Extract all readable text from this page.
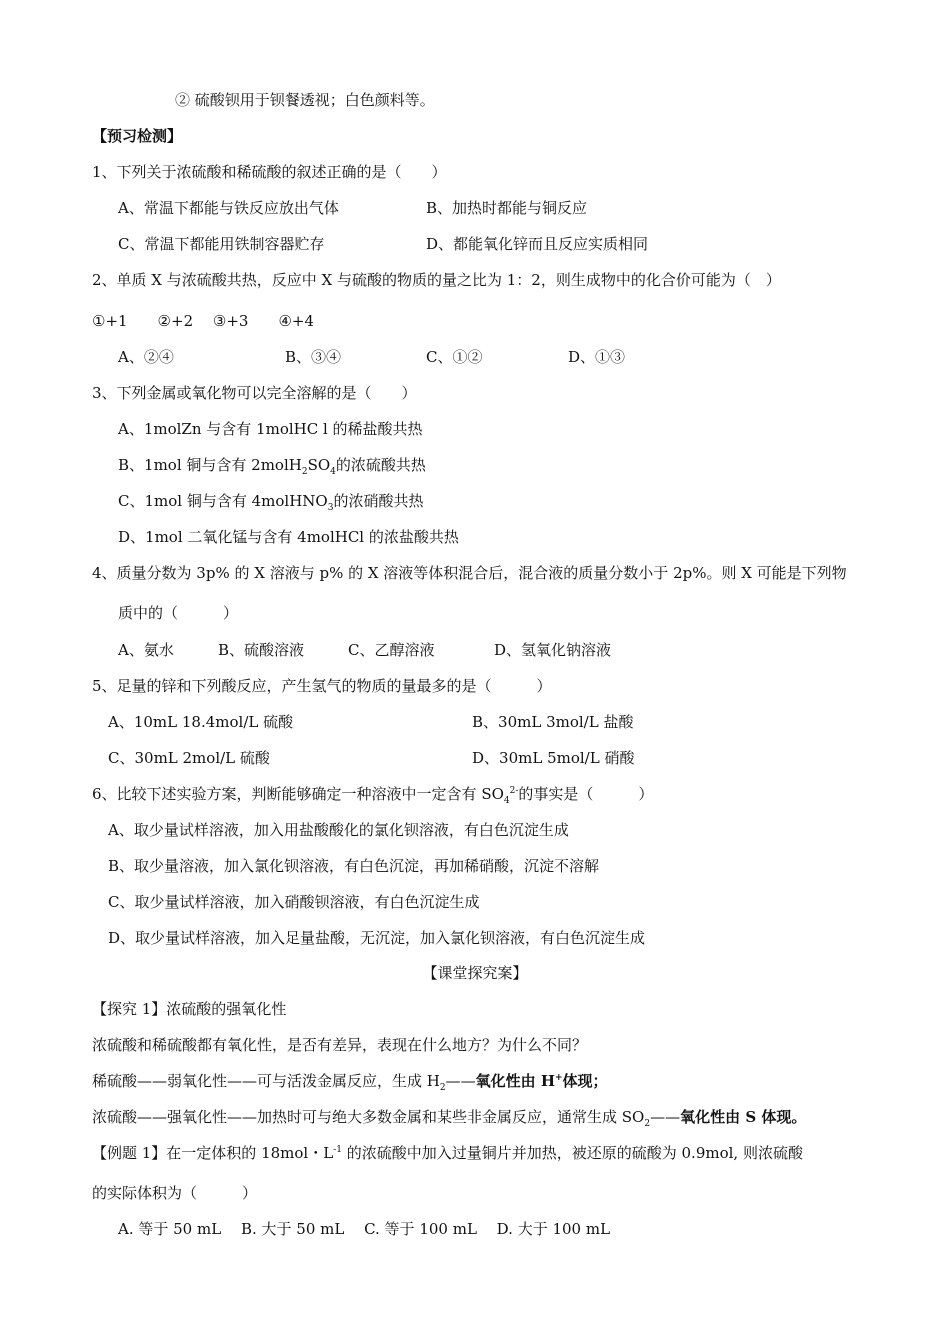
② 硫酸钡用于钡餐透视；白色颜料等。
【预习检测】
1、下列关于浓硫酸和稀硫酸的叙述正确的是（　　）
A、常温下都能与铁反应放出气体	B、加热时都能与铜反应
C、常温下都能用铁制容器贮存	D、都能氧化锌而且反应实质相同
2、单质 X 与浓硫酸共热，反应中 X 与硫酸的物质的量之比为 1：2，则生成物中的化合价可能为（　）
①+1　　②+2　 ③+3　　④+4
A、②④	B、③④	C、①②	D、①③
3、下列金属或氧化物可以完全溶解的是（　　）
A、1molZn 与含有 1molHC l 的稀盐酸共热
B、1mol 铜与含有 $2molH_2SO_4$的浓硫酸共热
C、1mol 铜与含有 4molHNO$_3$的浓硝酸共热
D、1mol 二氧化锰与含有 4molHCl 的浓盐酸共热
4、质量分数为 3p% 的 X 溶液与 p% 的 X 溶液等体积混合后，混合液的质量分数小于 2p%。则 X 可能是下列物
质中的（　　　）
A、氨水	B、硫酸溶液	C、乙醇溶液	D、氢氧化钠溶液
5、足量的锌和下列酸反应，产生氢气的物质的量最多的是（　　　）
A、10mL 18.4mol/L 硫酸	B、30mL 3mol/L 盐酸
C、30mL 2mol/L 硫酸	D、30mL 5mol/L 硝酸
6、比较下述实验方案，判断能够确定一种溶液中一定含有 $SO_4^{2-}$的事实是（　　　）
A、取少量试样溶液，加入用盐酸酸化的氯化钡溶液，有白色沉淀生成
B、取少量溶液，加入氯化钡溶液，有白色沉淀，再加稀硝酸，沉淀不溶解
C、取少量试样溶液，加入硝酸钡溶液，有白色沉淀生成
D、取少量试样溶液，加入足量盐酸，无沉淀，加入氯化钡溶液，有白色沉淀生成
【课堂探究案】
【探究 1】浓硫酸的强氧化性
浓硫酸和稀硫酸都有氧化性，是否有差异，表现在什么地方？为什么不同？
稀硫酸——弱氧化性——可与活泼金属反应，生成 $H_2——$氧化性由 H+体现；
浓硫酸——强氧化性——加热时可与绝大多数金属和某些非金属反应，通常生成 $SO_2——$氧化性由 S 体现。
【例题 1】在一定体积的 18mol・$L^{-1}$ 的浓硫酸中加入过量铜片并加热，被还原的硫酸为 0.9mol, 则浓硫酸
的实际体积为（　　　）
A. 等于 50 mL　 B. 大于 50 mL　 C. 等于 100 mL　 D. 大于 100 mL
